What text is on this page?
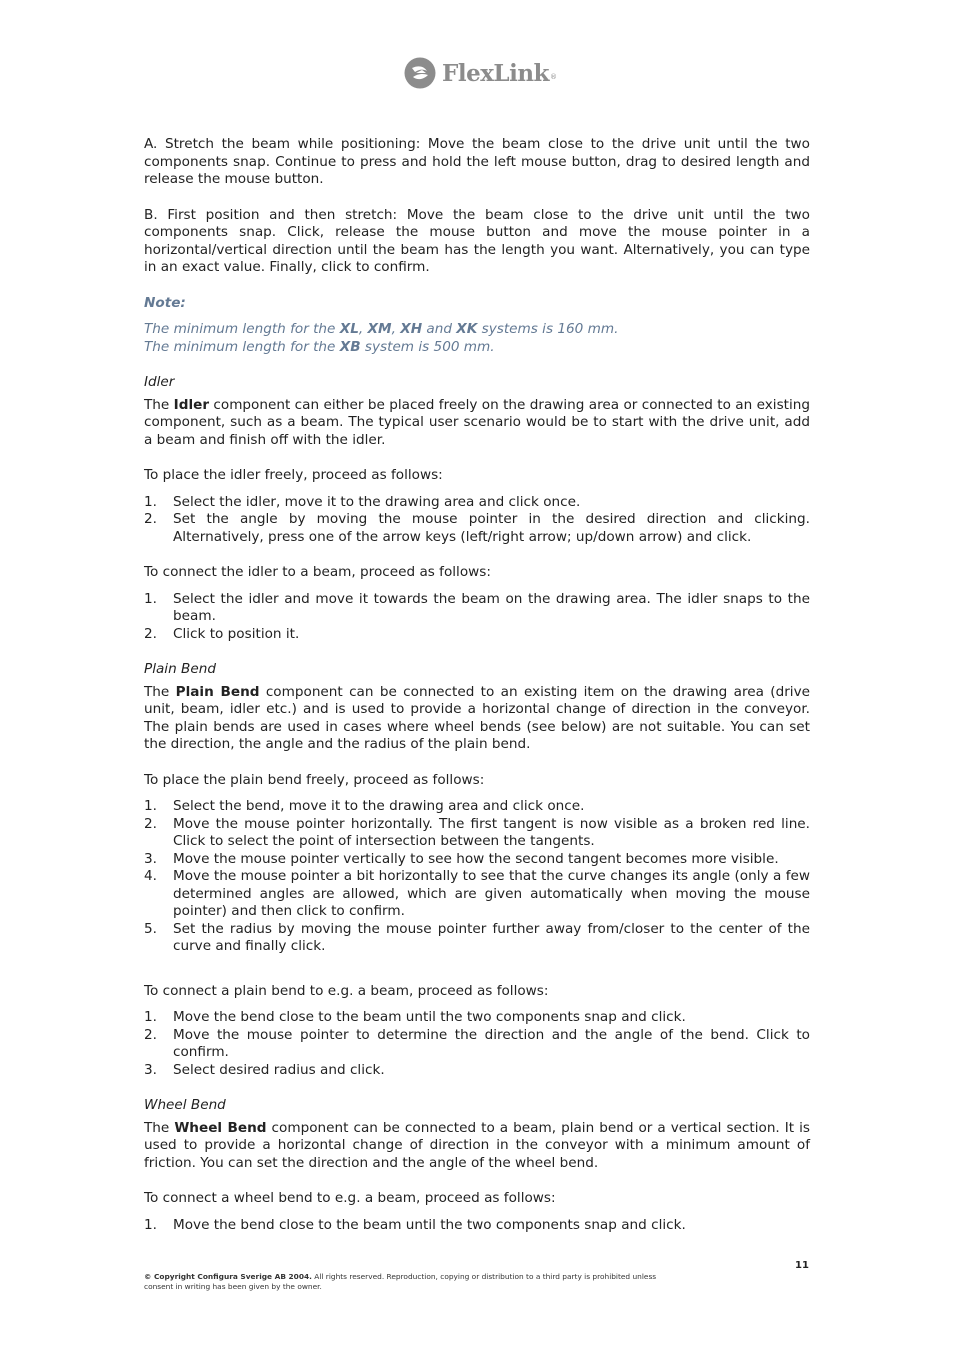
FlexLink ®

A. Stretch the beam while positioning: Move the beam close to the drive unit until the two components snap. Continue to press and hold the left mouse button, drag to desired length and release the mouse button.

B. First position and then stretch: Move the beam close to the drive unit until the two components snap. Click, release the mouse button and move the mouse pointer in a horizontal/vertical direction until the beam has the length you want. Alternatively, you can type in an exact value. Finally, click to confirm.

Note:

The minimum length for the XL, XM, XH and XK systems is 160 mm.

The minimum length for the XB system is 500 mm.

Idler

The Idler component can either be placed freely on the drawing area or connected to an existing component, such as a beam. The typical user scenario would be to start with the drive unit, add a beam and finish off with the idler.

To place the idler freely, proceed as follows:

1.	Select the idler, move it to the drawing area and click once.
2.	Set the angle by moving the mouse pointer in the desired direction and clicking. Alternatively, press one of the arrow keys (left/right arrow; up/down arrow) and click.

To connect the idler to a beam, proceed as follows:

1.	Select the idler and move it towards the beam on the drawing area. The idler snaps to the beam.
2.	Click to position it.

Plain Bend

The Plain Bend component can be connected to an existing item on the drawing area (drive unit, beam, idler etc.) and is used to provide a horizontal change of direction in the conveyor. The plain bends are used in cases where wheel bends (see below) are not suitable. You can set the direction, the angle and the radius of the plain bend.

To place the plain bend freely, proceed as follows:

1.	Select the bend, move it to the drawing area and click once.
2.	Move the mouse pointer horizontally. The first tangent is now visible as a broken red line. Click to select the point of intersection between the tangents.
3.	Move the mouse pointer vertically to see how the second tangent becomes more visible.
4.	Move the mouse pointer a bit horizontally to see that the curve changes its angle (only a few determined angles are allowed, which are given automatically when moving the mouse pointer) and then click to confirm.
5.	Set the radius by moving the mouse pointer further away from/closer to the center of the curve and finally click.

To connect a plain bend to e.g. a beam, proceed as follows:

1.	Move the bend close to the beam until the two components snap and click.
2.	Move the mouse pointer to determine the direction and the angle of the bend. Click to confirm.
3.	Select desired radius and click.

Wheel Bend

The Wheel Bend component can be connected to a beam, plain bend or a vertical section. It is used to provide a horizontal change of direction in the conveyor with a minimum amount of friction. You can set the direction and the angle of the wheel bend.

To connect a wheel bend to e.g. a beam, proceed as follows:

1.	Move the bend close to the beam until the two components snap and click.
11
© Copyright Configura Sverige AB 2004. All rights reserved. Reproduction, copying or distribution to a third party is prohibited unless
consent in writing has been given by the owner.
